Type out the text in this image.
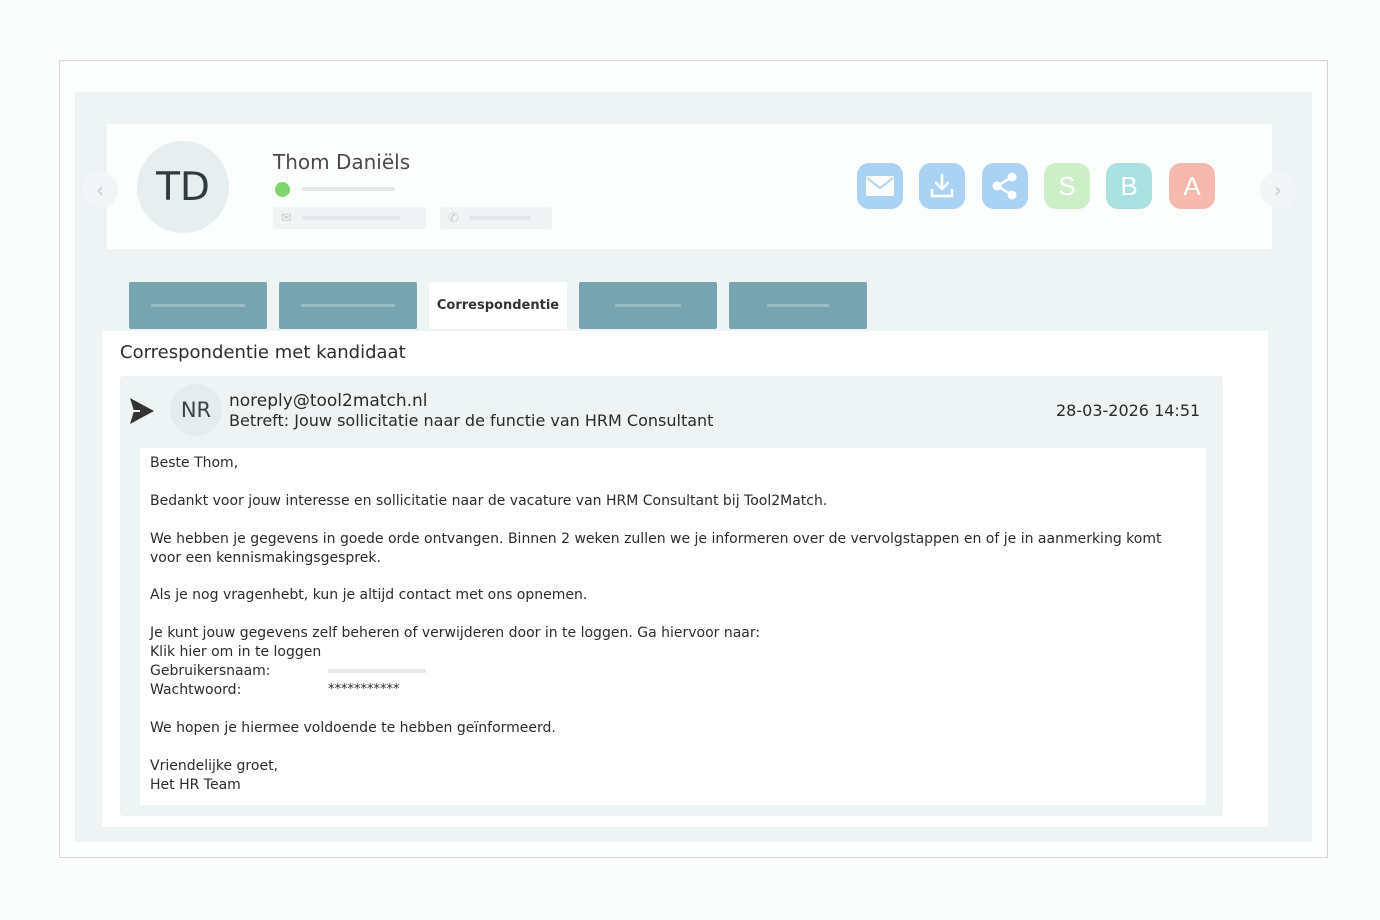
‹	›
TD
Thom Daniëls
✉	✆
S	B	A
Correspondentie
Correspondentie met kandidaat
NR	noreply@tool2match.nl
Betreft: Jouw sollicitatie naar de functie van HRM Consultant
28-03-2026 14:51
Beste Thom,
Bedankt voor jouw interesse en sollicitatie naar de vacature van HRM Consultant bij Tool2Match.
We hebben je gegevens in goede orde ontvangen. Binnen 2 weken zullen we je informeren over de vervolgstappen en of je in aanmerking komt voor een kennismakingsgesprek.
Als je nog vragenhebt, kun je altijd contact met ons opnemen.
Je kunt jouw gegevens zelf beheren of verwijderen door in te loggen. Ga hiervoor naar:
Klik hier om in te loggen
Gebruikersnaam:
Wachtwoord:	***********
We hopen je hiermee voldoende te hebben geïnformeerd.
Vriendelijke groet,
Het HR Team
